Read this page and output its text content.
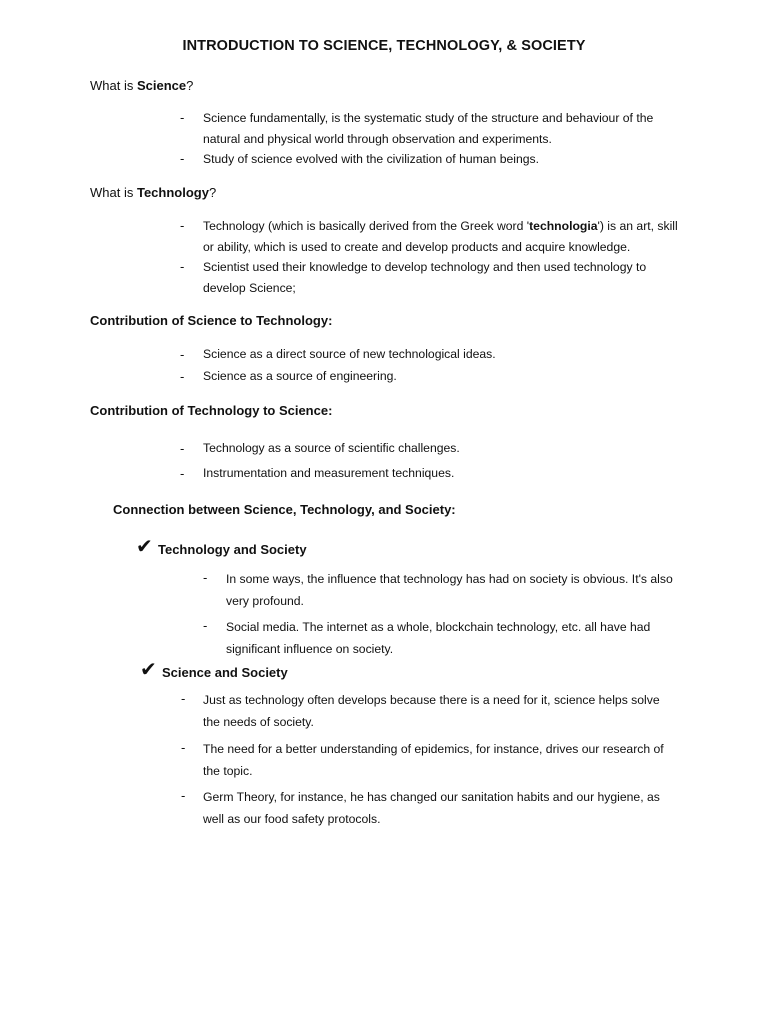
INTRODUCTION TO SCIENCE, TECHNOLOGY, & SOCIETY
What is Science?
- Science fundamentally, is the systematic study of the structure and behaviour of the natural and physical world through observation and experiments.
- Study of science evolved with the civilization of human beings.
What is Technology?
- Technology (which is basically derived from the Greek word 'technologia') is an art, skill or ability, which is used to create and develop products and acquire knowledge.
- Scientist used their knowledge to develop technology and then used technology to develop Science;
Contribution of Science to Technology:
- Science as a direct source of new technological ideas.
- Science as a source of engineering.
Contribution of Technology to Science:
- Technology as a source of scientific challenges.
- Instrumentation and measurement techniques.
Connection between Science, Technology, and Society:
✔ Technology and Society
- In some ways, the influence that technology has had on society is obvious. It's also very profound.
- Social media. The internet as a whole, blockchain technology, etc. all have had significant influence on society.
✔ Science and Society
- Just as technology often develops because there is a need for it, science helps solve the needs of society.
- The need for a better understanding of epidemics, for instance, drives our research of the topic.
- Germ Theory, for instance, he has changed our sanitation habits and our hygiene, as well as our food safety protocols.
